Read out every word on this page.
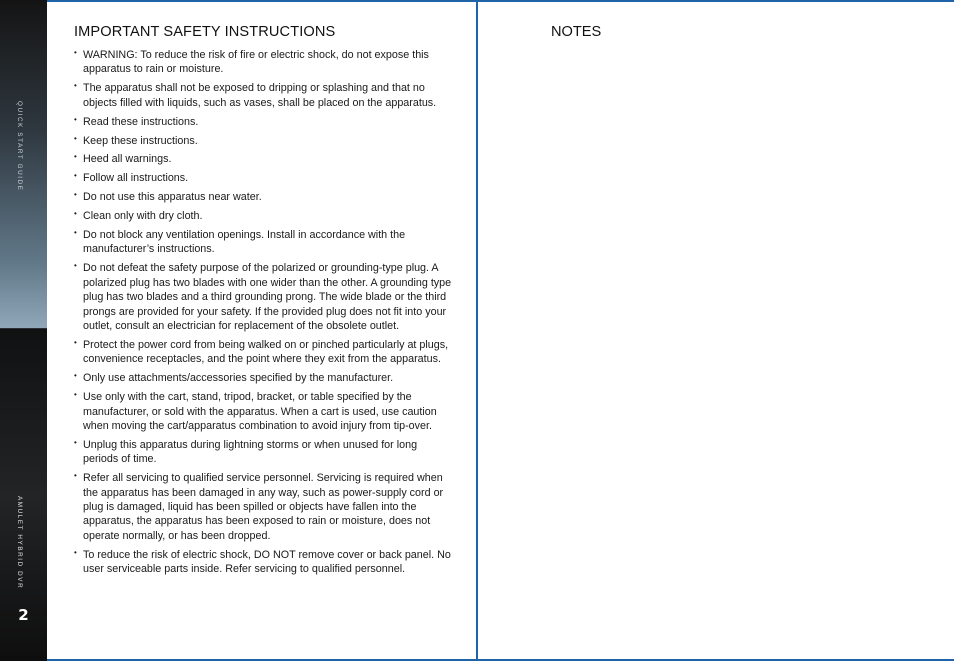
QUICK START GUIDE
AMULET HYBRID DVR
2
IMPORTANT SAFETY INSTRUCTIONS
• WARNING: To reduce the risk of fire or electric shock, do not expose this apparatus to rain or moisture.
• The apparatus shall not be exposed to dripping or splashing and that no objects filled with liquids, such as vases, shall be placed on the apparatus.
• Read these instructions.
• Keep these instructions.
• Heed all warnings.
• Follow all instructions.
• Do not use this apparatus near water.
• Clean only with dry cloth.
• Do not block any ventilation openings. Install in accordance with the manufacturer’s instructions.
• Do not defeat the safety purpose of the polarized or grounding-type plug. A polarized plug has two blades with one wider than the other. A grounding type plug has two blades and a third grounding prong. The wide blade or the third prongs are provided for your safety. If the provided plug does not fit into your outlet, consult an electrician for replacement of the obsolete outlet.
• Protect the power cord from being walked on or pinched particularly at plugs, convenience receptacles, and the point where they exit from the apparatus.
• Only use attachments/accessories specified by the manufacturer.
• Use only with the cart, stand, tripod, bracket, or table specified by the manufacturer, or sold with the apparatus. When a cart is used, use caution when moving the cart/apparatus combination to avoid injury from tip-over.
• Unplug this apparatus during lightning storms or when unused for long periods of time.
• Refer all servicing to qualified service personnel. Servicing is required when the apparatus has been damaged in any way, such as power-supply cord or plug is damaged, liquid has been spilled or objects have fallen into the apparatus, the apparatus has been exposed to rain or moisture, does not operate normally, or has been dropped.
• To reduce the risk of electric shock, DO NOT remove cover or back panel. No user serviceable parts inside. Refer servicing to qualified personnel.
NOTES
